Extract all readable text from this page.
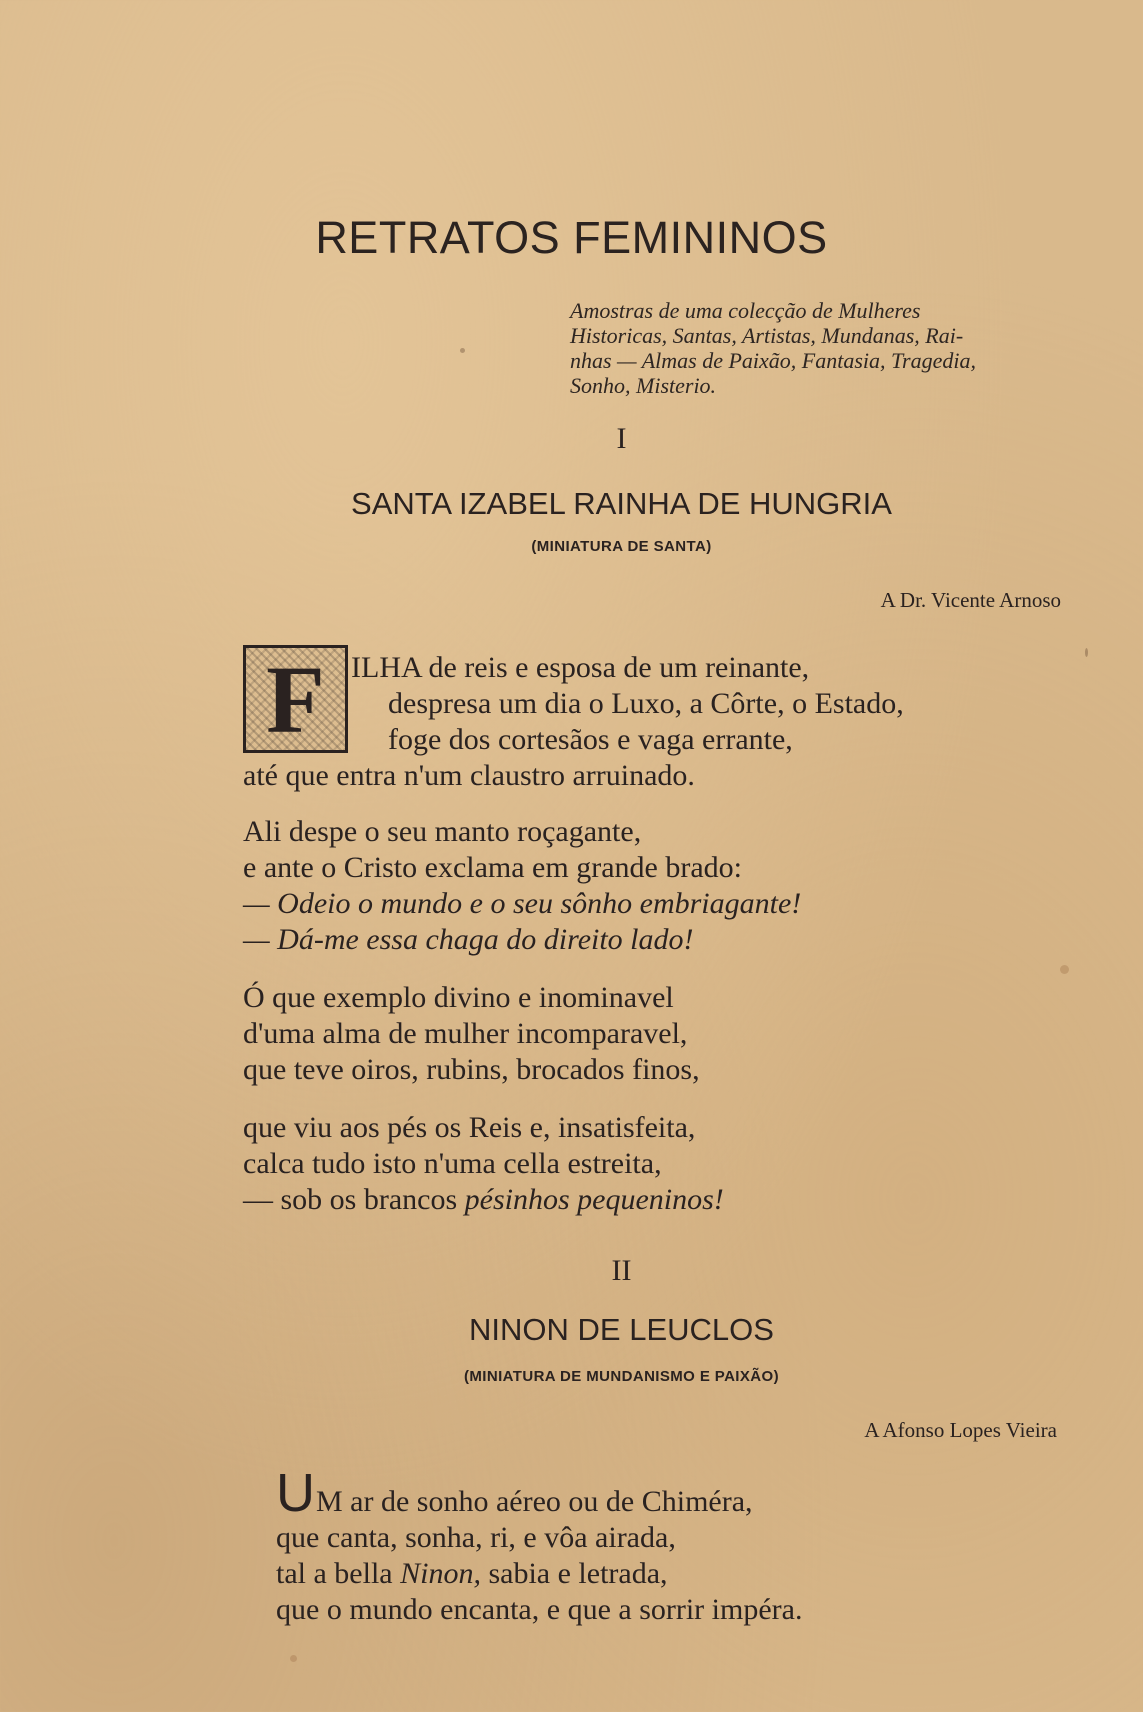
RETRATOS FEMININOS
Amostras de uma colecção de Mulheres
Historicas, Santas, Artistas, Mundanas, Rai-
nhas — Almas de Paixão, Fantasia, Tragedia,
Sonho, Misterio.
I
SANTA IZABEL RAINHA DE HUNGRIA
(MINIATURA DE SANTA)
A Dr. Vicente Arnoso
F ILHA de reis e esposa de um reinante,
despresa um dia o Luxo, a Côrte, o Estado,
foge dos cortesãos e vaga errante,
até que entra n'um claustro arruinado.
Ali despe o seu manto roçagante,
e ante o Cristo exclama em grande brado:
— Odeio o mundo e o seu sônho embriagante!
— Dá-me essa chaga do direito lado!
Ó que exemplo divino e inominavel
d'uma alma de mulher incomparavel,
que teve oiros, rubins, brocados finos,
que viu aos pés os Reis e, insatisfeita,
calca tudo isto n'uma cella estreita,
— sob os brancos pésinhos pequeninos!
II
NINON DE LEUCLOS
(MINIATURA DE MUNDANISMO E PAIXÃO)
A Afonso Lopes Vieira
U M ar de sonho aéreo ou de Chiméra,
que canta, sonha, ri, e vôa airada,
tal a bella Ninon, sabia e letrada,
que o mundo encanta, e que a sorrir impéra.
